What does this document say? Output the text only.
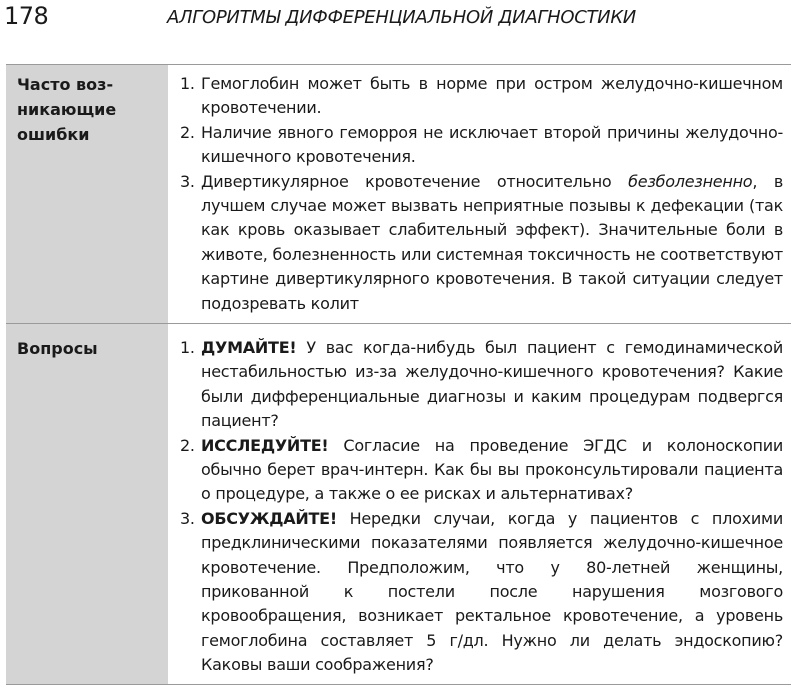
178	АЛГОРИТМЫ ДИФФЕРЕНЦИАЛЬНОЙ ДИАГНОСТИКИ
Часто воз-
никающие
ошибки
1. Гемоглобин может быть в норме при остром желудочно-кишечном кровотечении.
2. Наличие явного геморроя не исключает второй причины желудочно-кишечного кровотечения.
3. Дивертикулярное кровотечение относительно безболезненно, в лучшем случае может вызвать неприятные позывы к дефекации (так как кровь оказывает слабительный эффект). Значительные боли в животе, болезненность или системная токсичность не соответствуют картине дивертикулярного кровотечения. В такой ситуации следует подозревать колит
Вопросы	1. ДУМАЙТЕ! У вас когда-нибудь был пациент с гемодинамической нестабильностью из-за желудочно-кишечного кровотечения? Какие были дифференциальные диагнозы и каким процедурам подвергся пациент?
2. ИССЛЕДУЙТЕ! Согласие на проведение ЭГДС и колоноскопии обычно берет врач-интерн. Как бы вы проконсультировали пациента о процедуре, а также о ее рисках и альтернативах?
3. ОБСУЖДАЙТЕ! Нередки случаи, когда у пациентов с плохими предклиническими показателями появляется желудочно-кишечное кровотечение. Предположим, что у 80-летней женщины, прикованной к постели после нарушения мозгового кровообращения, возникает ректальное кровотечение, а уровень гемоглобина составляет 5 г/дл. Нужно ли делать эндоскопию? Каковы ваши соображения?
